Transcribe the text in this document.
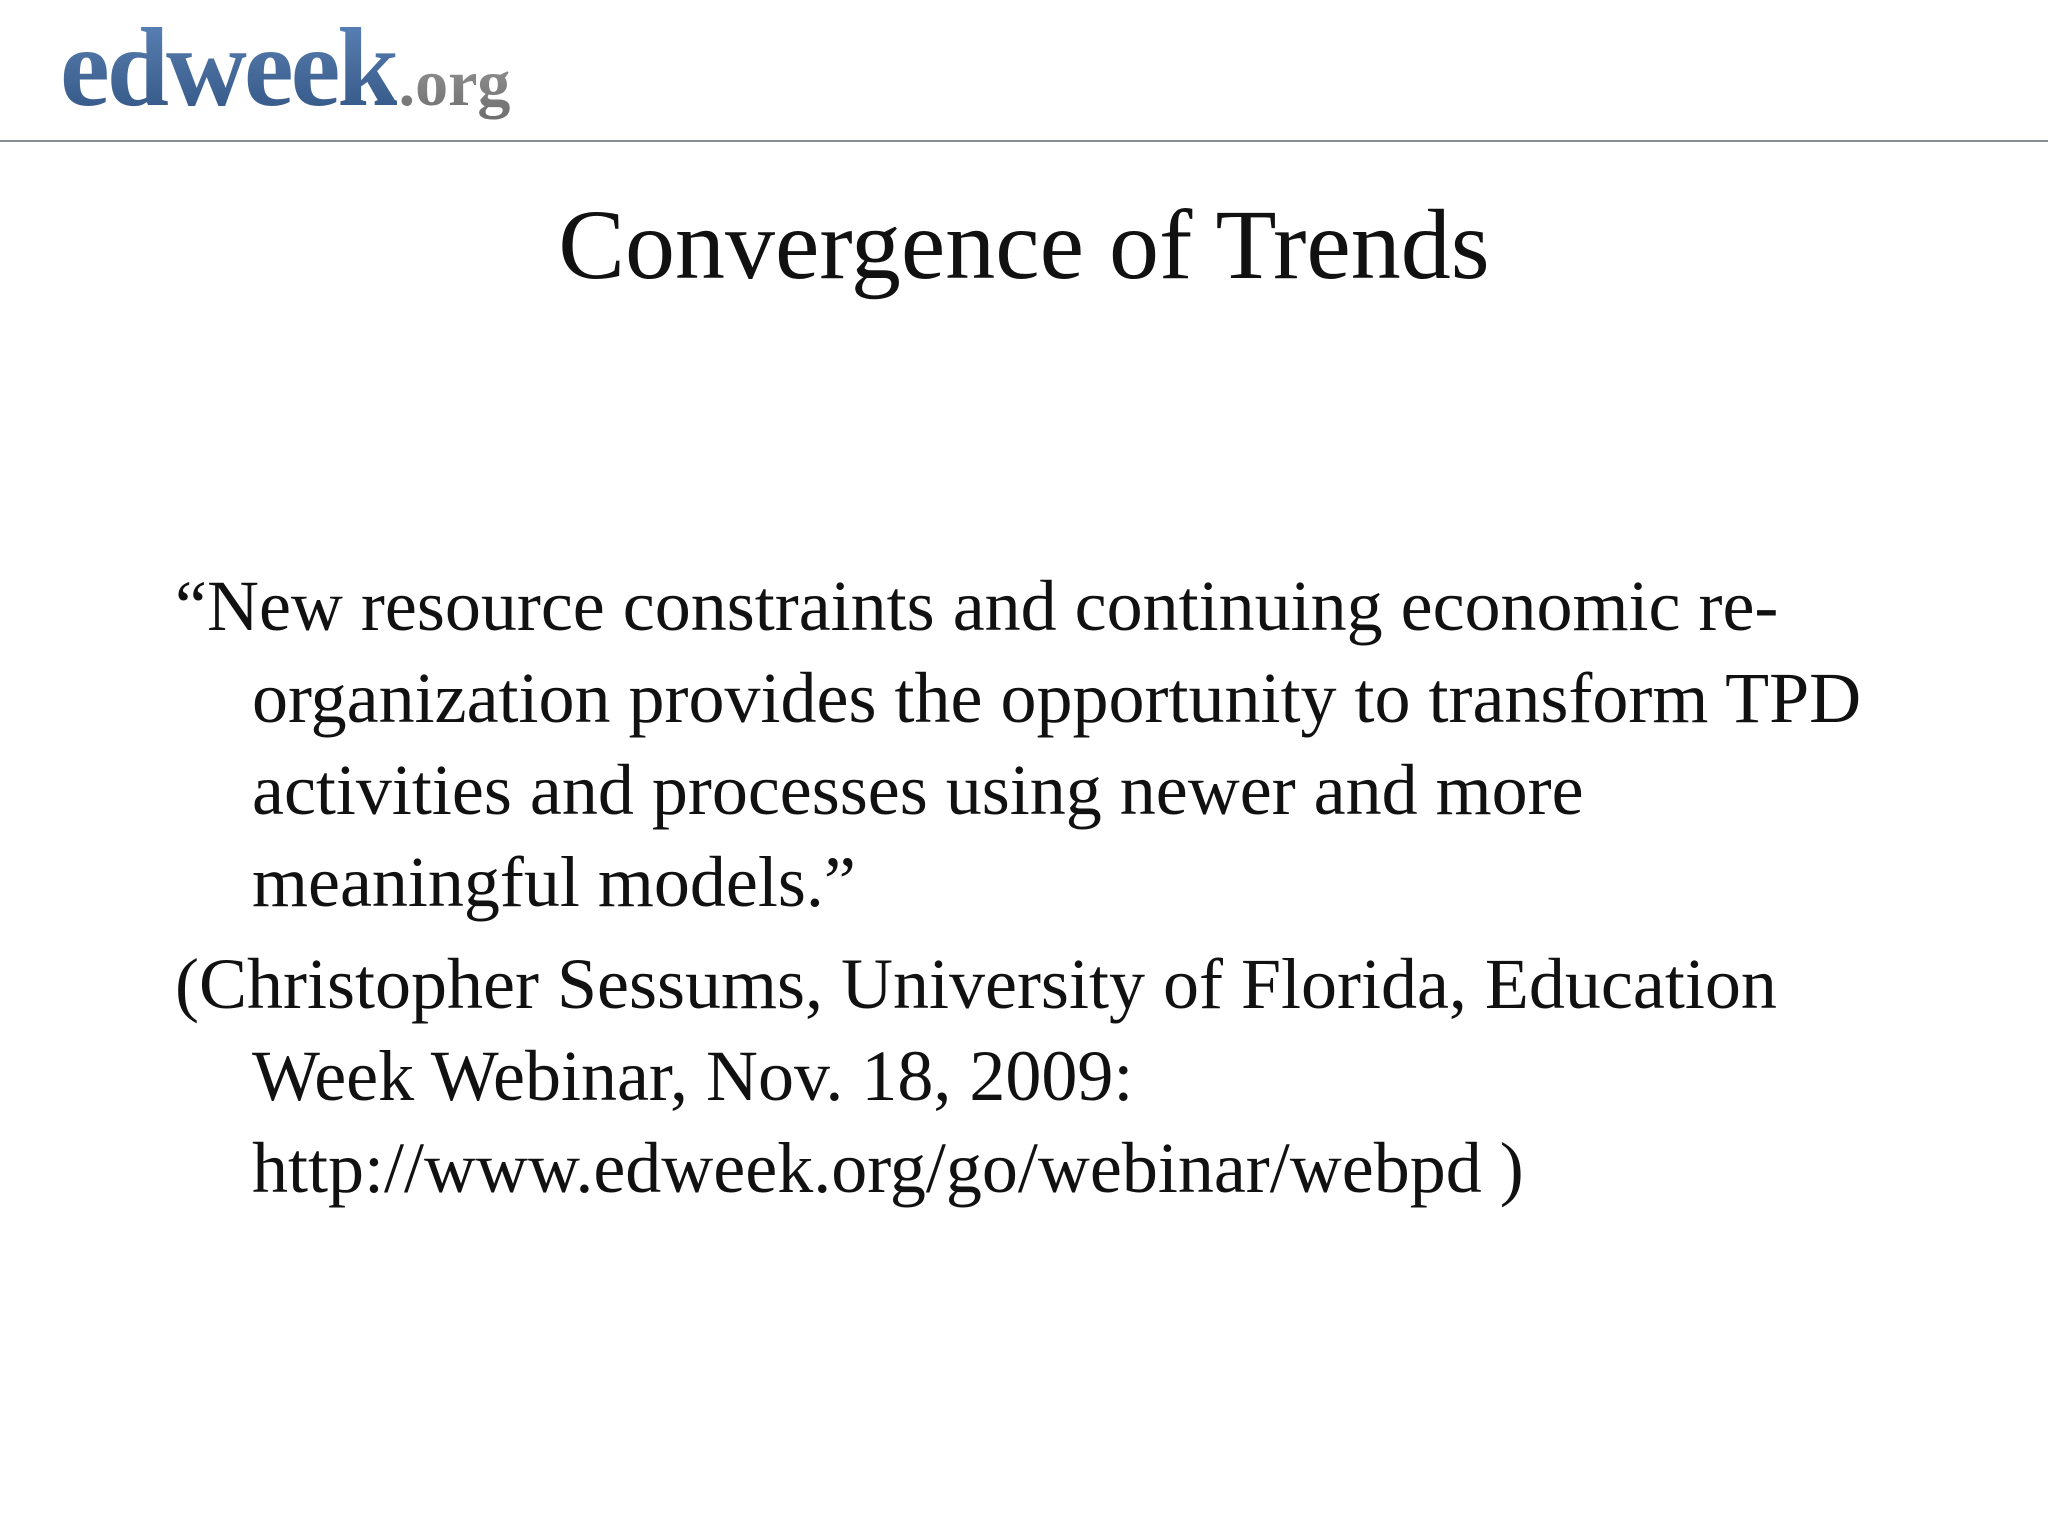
edweek .org
Convergence of Trends

“New resource constraints and continuing economic re-organization provides the opportunity to transform TPD activities and processes using newer and more meaningful models.”

(Christopher Sessums, University of Florida, Education Week Webinar, Nov. 18, 2009: http://www.edweek.org/go/webinar/webpd )
